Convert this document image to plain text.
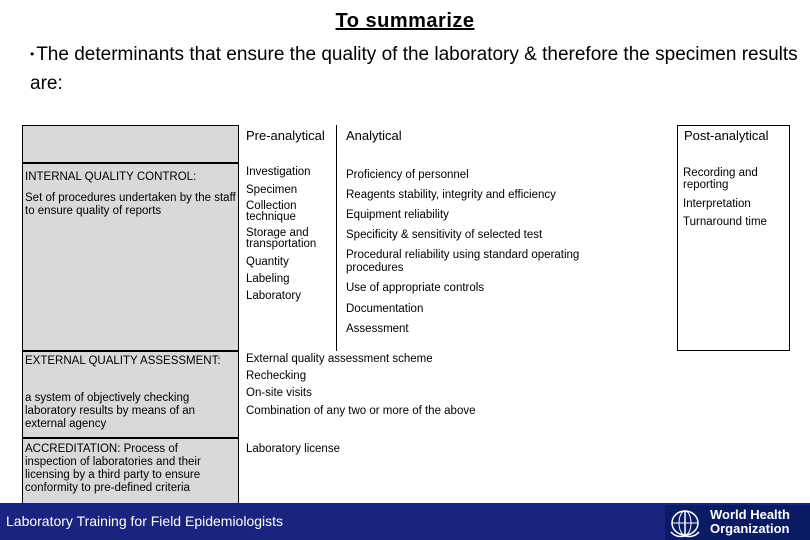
To summarize
• The determinants that ensure the quality of the laboratory & therefore the specimen results are:
Pre-analytical Analytical	Post-analytical
INTERNAL QUALITY CONTROL:
Set of procedures undertaken by the staff to ensure quality of reports
Investigation
Specimen
Collection technique
Storage and transportation
Quantity
Labeling
Laboratory
Proficiency of personnel
Reagents stability, integrity and efficiency
Equipment reliability
Specificity & sensitivity of selected test
Procedural reliability using standard operating procedures
Use of appropriate controls
Documentation
Assessment
Recording and reporting
Interpretation
Turnaround time
EXTERNAL QUALITY ASSESSMENT:
a system of objectively checking laboratory results by means of an external agency
External quality assessment scheme
Rechecking
On-site visits
Combination of any two or more of the above
ACCREDITATION: Process of inspection of laboratories and their licensing by a third party to ensure conformity to pre-defined criteria
Laboratory license
Laboratory Training for Field Epidemiologists	World Health
Organization
